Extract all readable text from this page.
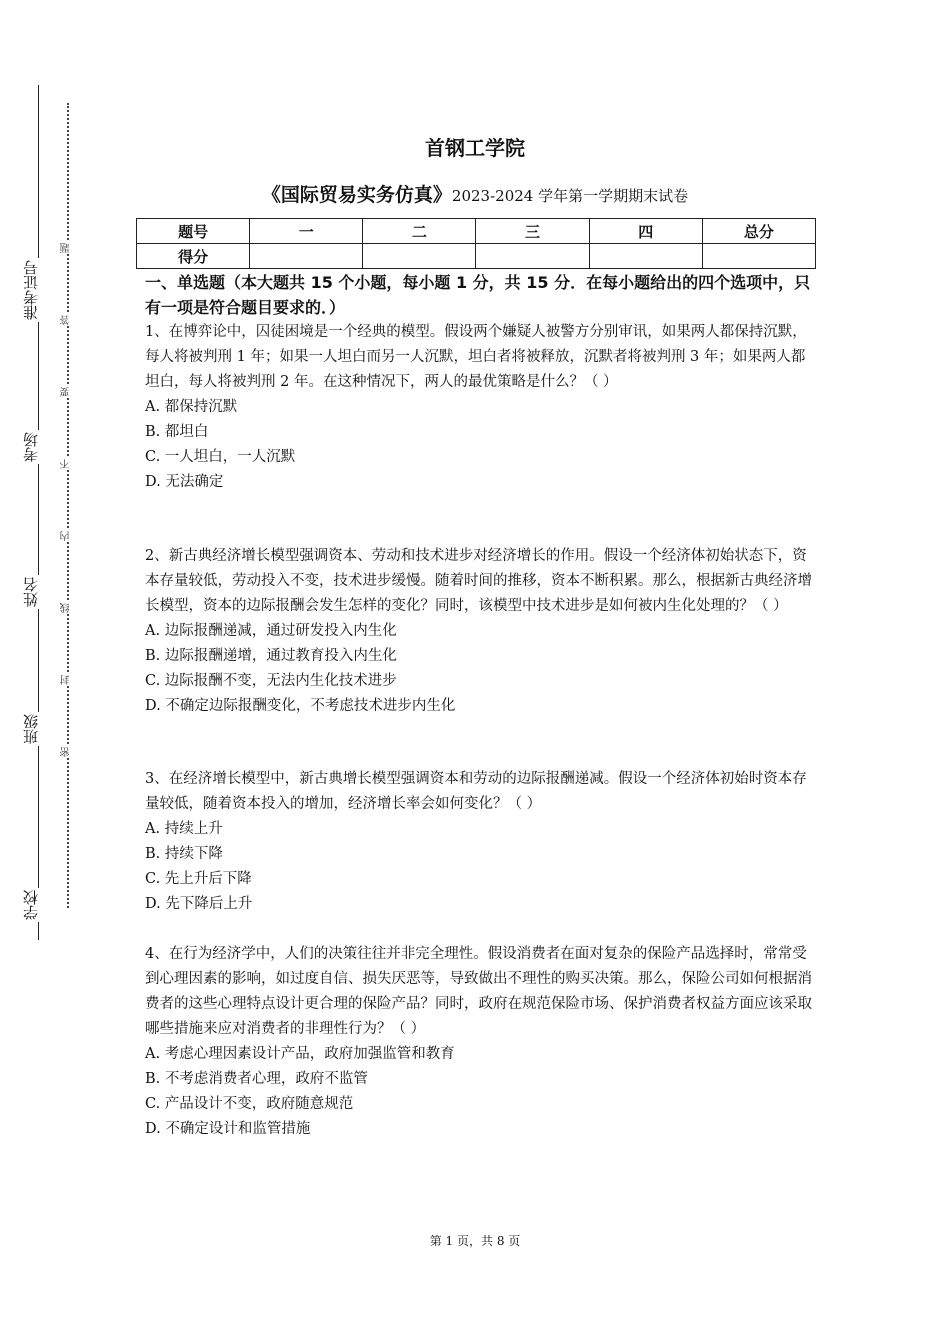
准考证号
考场
姓名
班级
学校
题
答
要
不
内
线
封
密
首钢工学院
《国际贸易实务仿真》2023-2024 学年第一学期期末试卷
题号	一	二	三	四	总分
得分					
一、单选题（本大题共 15 个小题，每小题 1 分，共 15 分．在每小题给出的四个选项中，只有一项是符合题目要求的．）

1、在博弈论中，囚徒困境是一个经典的模型。假设两个嫌疑人被警方分别审讯，如果两人都保持沉默，每人将被判刑 1 年；如果一人坦白而另一人沉默，坦白者将被释放，沉默者将被判刑 3 年；如果两人都坦白，每人将被判刑 2 年。在这种情况下，两人的最优策略是什么？（ ）

A. 都保持沉默

B. 都坦白

C. 一人坦白，一人沉默

D. 无法确定

2、新古典经济增长模型强调资本、劳动和技术进步对经济增长的作用。假设一个经济体初始状态下，资本存量较低，劳动投入不变，技术进步缓慢。随着时间的推移，资本不断积累。那么，根据新古典经济增长模型，资本的边际报酬会发生怎样的变化？同时，该模型中技术进步是如何被内生化处理的？（ ）

A. 边际报酬递减，通过研发投入内生化

B. 边际报酬递增，通过教育投入内生化

C. 边际报酬不变，无法内生化技术进步

D. 不确定边际报酬变化，不考虑技术进步内生化

3、在经济增长模型中，新古典增长模型强调资本和劳动的边际报酬递减。假设一个经济体初始时资本存量较低，随着资本投入的增加，经济增长率会如何变化？（ ）

A. 持续上升

B. 持续下降

C. 先上升后下降

D. 先下降后上升

4、在行为经济学中，人们的决策往往并非完全理性。假设消费者在面对复杂的保险产品选择时，常常受到心理因素的影响，如过度自信、损失厌恶等，导致做出不理性的购买决策。那么，保险公司如何根据消费者的这些心理特点设计更合理的保险产品？同时，政府在规范保险市场、保护消费者权益方面应该采取哪些措施来应对消费者的非理性行为？（ ）

A. 考虑心理因素设计产品，政府加强监管和教育

B. 不考虑消费者心理，政府不监管

C. 产品设计不变，政府随意规范

D. 不确定设计和监管措施

第 1 页，共 8 页
